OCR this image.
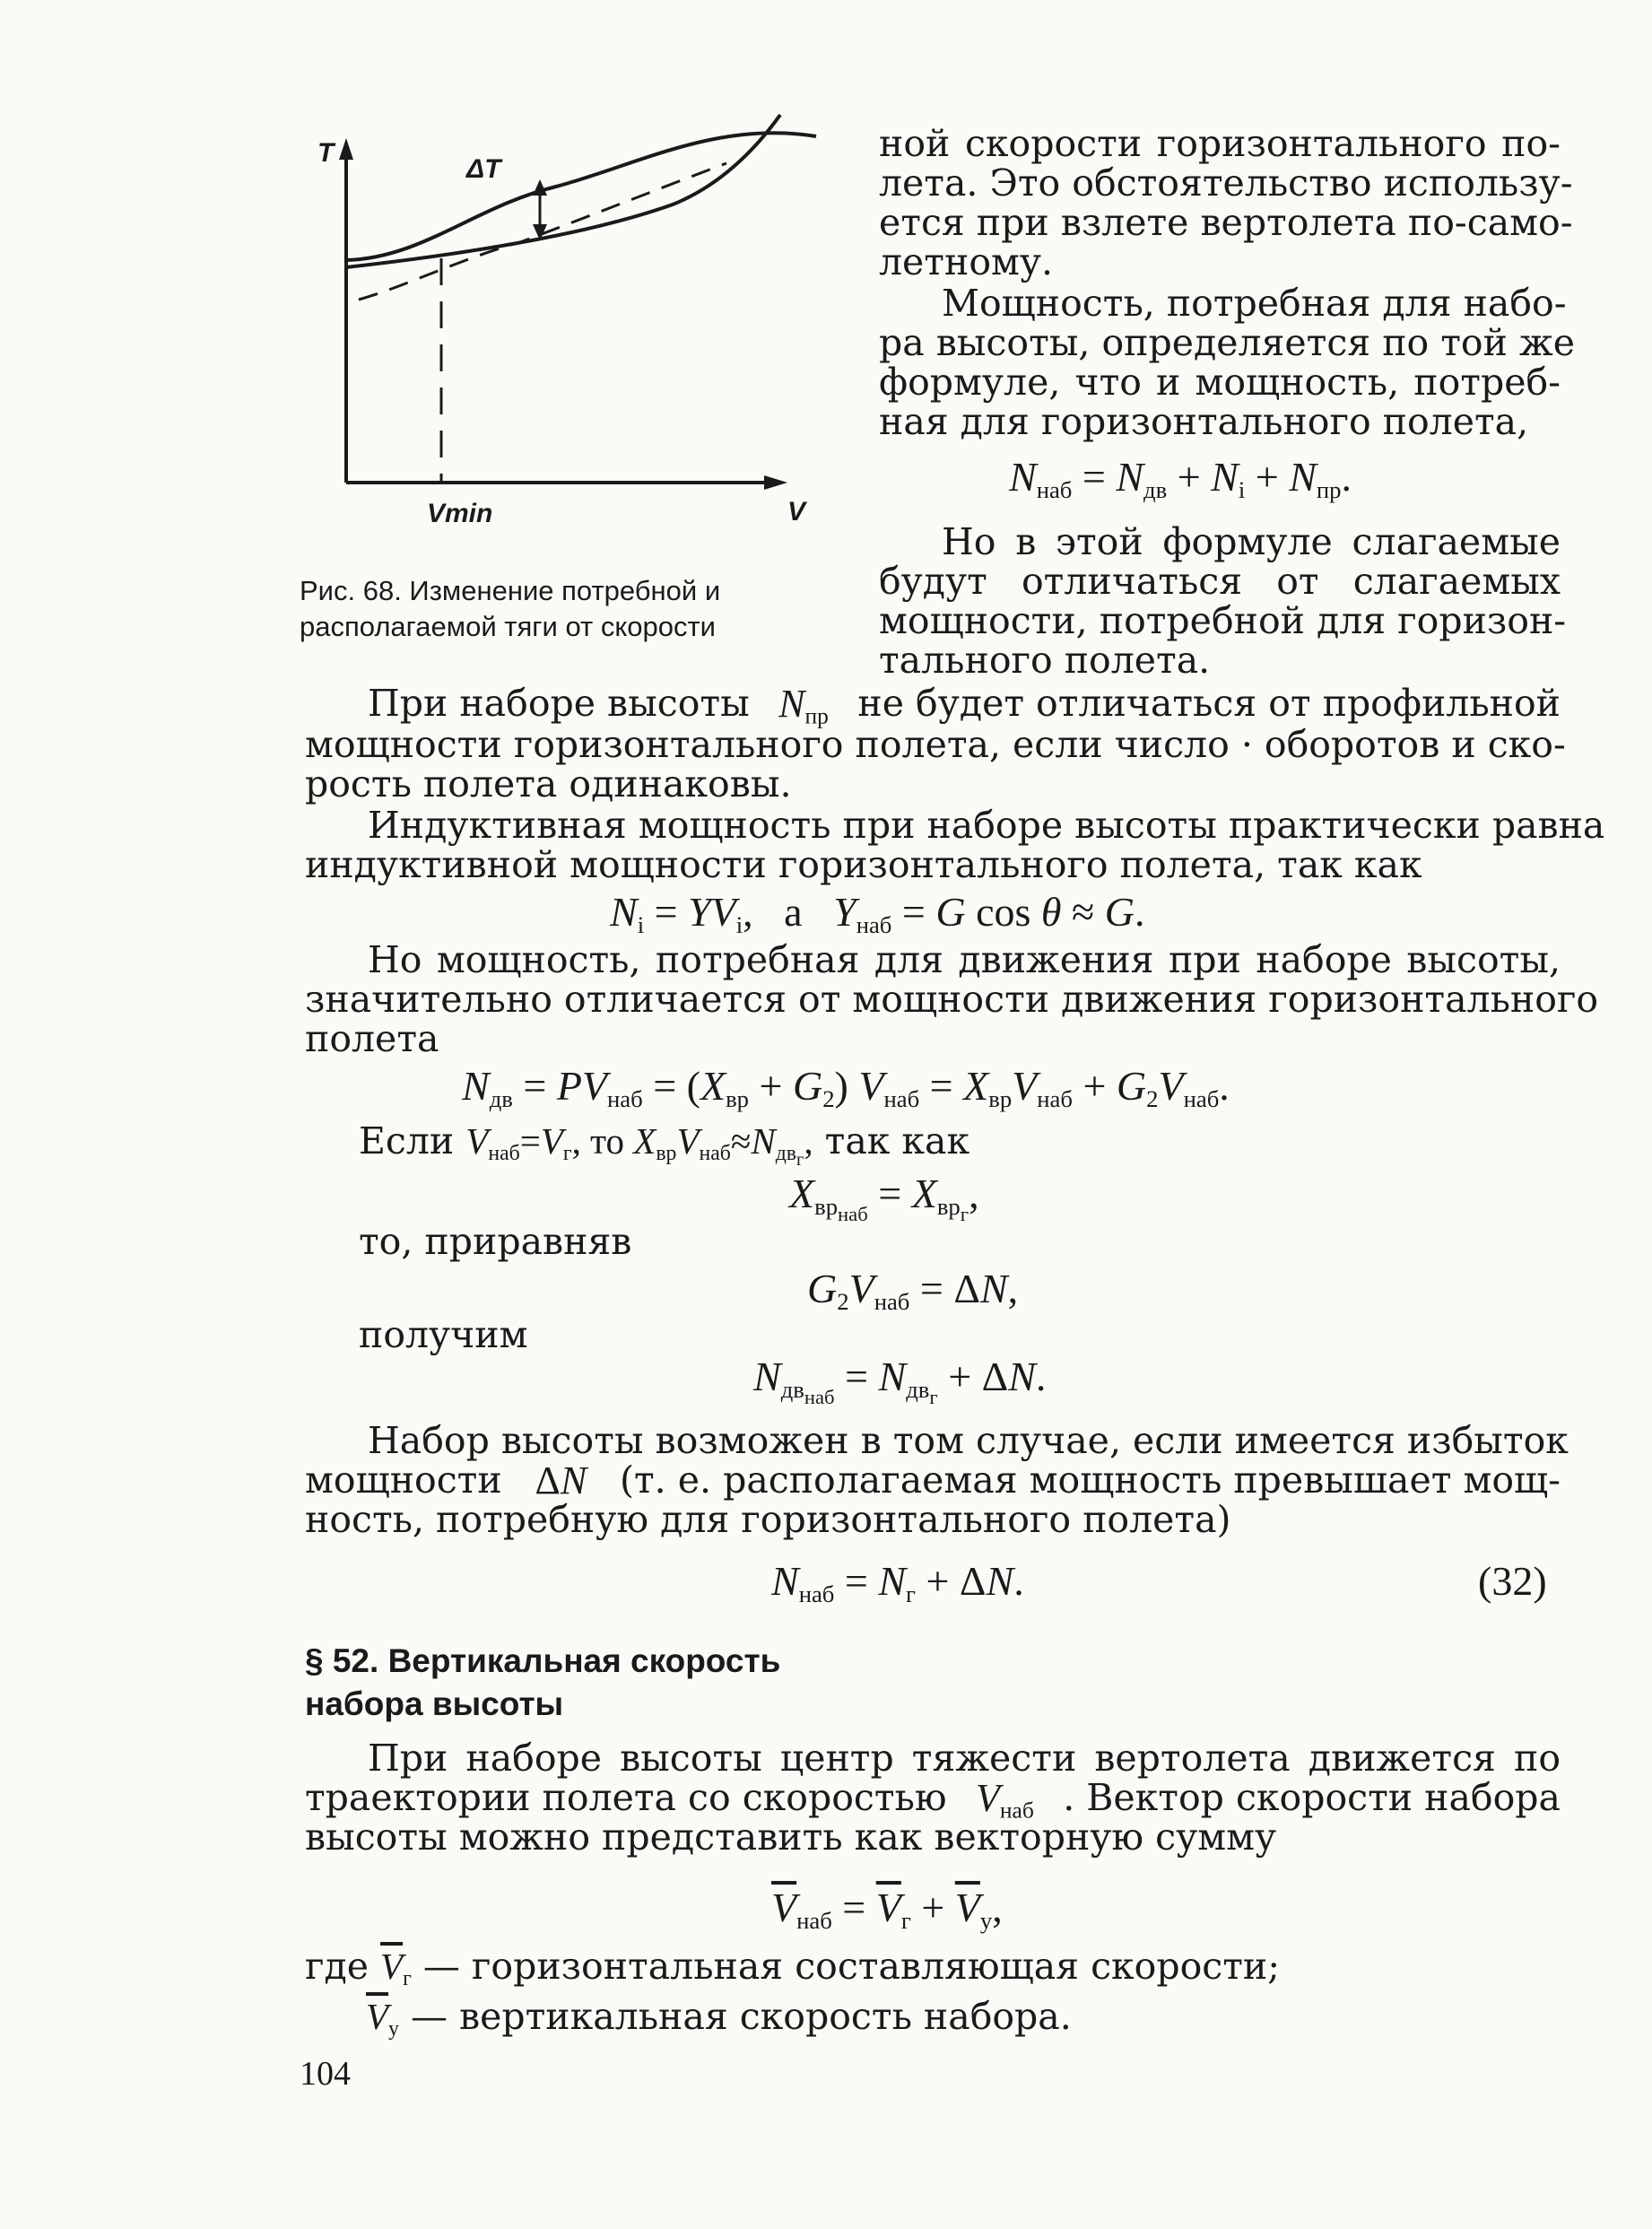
T
ΔT
Vmin	V
Рис. 68. Изменение потребной и
располагаемой тяги от скорости

ной скорости горизонтального по-

лета. Это обстоятельство использу-

ется при взлете вертолета по-само-

летному.

Мощность, потребная для набо-

ра высоты, определяется по той же

формуле, что и мощность, потреб-

ная для горизонтального полета,

$N_{наб} = N_{дв} + N_i + N_{пр}$.

Но в этой формуле слагаемые

будут отличаться от слагаемых

мощности, потребной для горизон-

тального полета.

При наборе высоты $N_{пр}$ не будет отличаться от профильной

мощности горизонтального полета, если число · оборотов и ско-

рость полета одинаковы.

Индуктивная мощность при наборе высоты практически равна

индуктивной мощности горизонтального полета, так как

$N_i = YV_i$, a   $Y_{наб} = G$ cos θ ≈ G.

Но мощность, потребная для движения при наборе высоты,

значительно отличается от мощности движения горизонтального

полета

$N_{дв} = PV_{наб} = (X_{вр} + G_2) V_{наб} = X_{вр}V_{наб} + G_2V_{наб}$.

Если $V_{наб}=V_г$, то $X_{вр}V_{наб}\approx N_{дв_г}$, так как

$X_{вр_{наб}} = X_{вр_г}$,

то, приравняв

$G_2V_{наб} = \Delta N$,

получим

$N_{дв_{наб}} = N_{дв_г} + \Delta N$.

Набор высоты возможен в том случае, если имеется избыток

мощности ΔN (т. е. располагаемая мощность превышает мощ-

ность, потребную для горизонтального полета)

$N_{наб} = N_г + \Delta N$.	(32)
§ 52. Вертикальная скорость
набора высоты

При наборе высоты центр тяжести вертолета движется по

траектории полета со скоростью $V_{наб}$ . Вектор скорости набора

высоты можно представить как векторную сумму

$\overline{V}_{наб} = \overline{V}_г + \overline{V}_y$,

где $\overline{V}_г$ — горизонтальная составляющая скорости;

$\overline{V}_у$ — вертикальная скорость набора.

104
